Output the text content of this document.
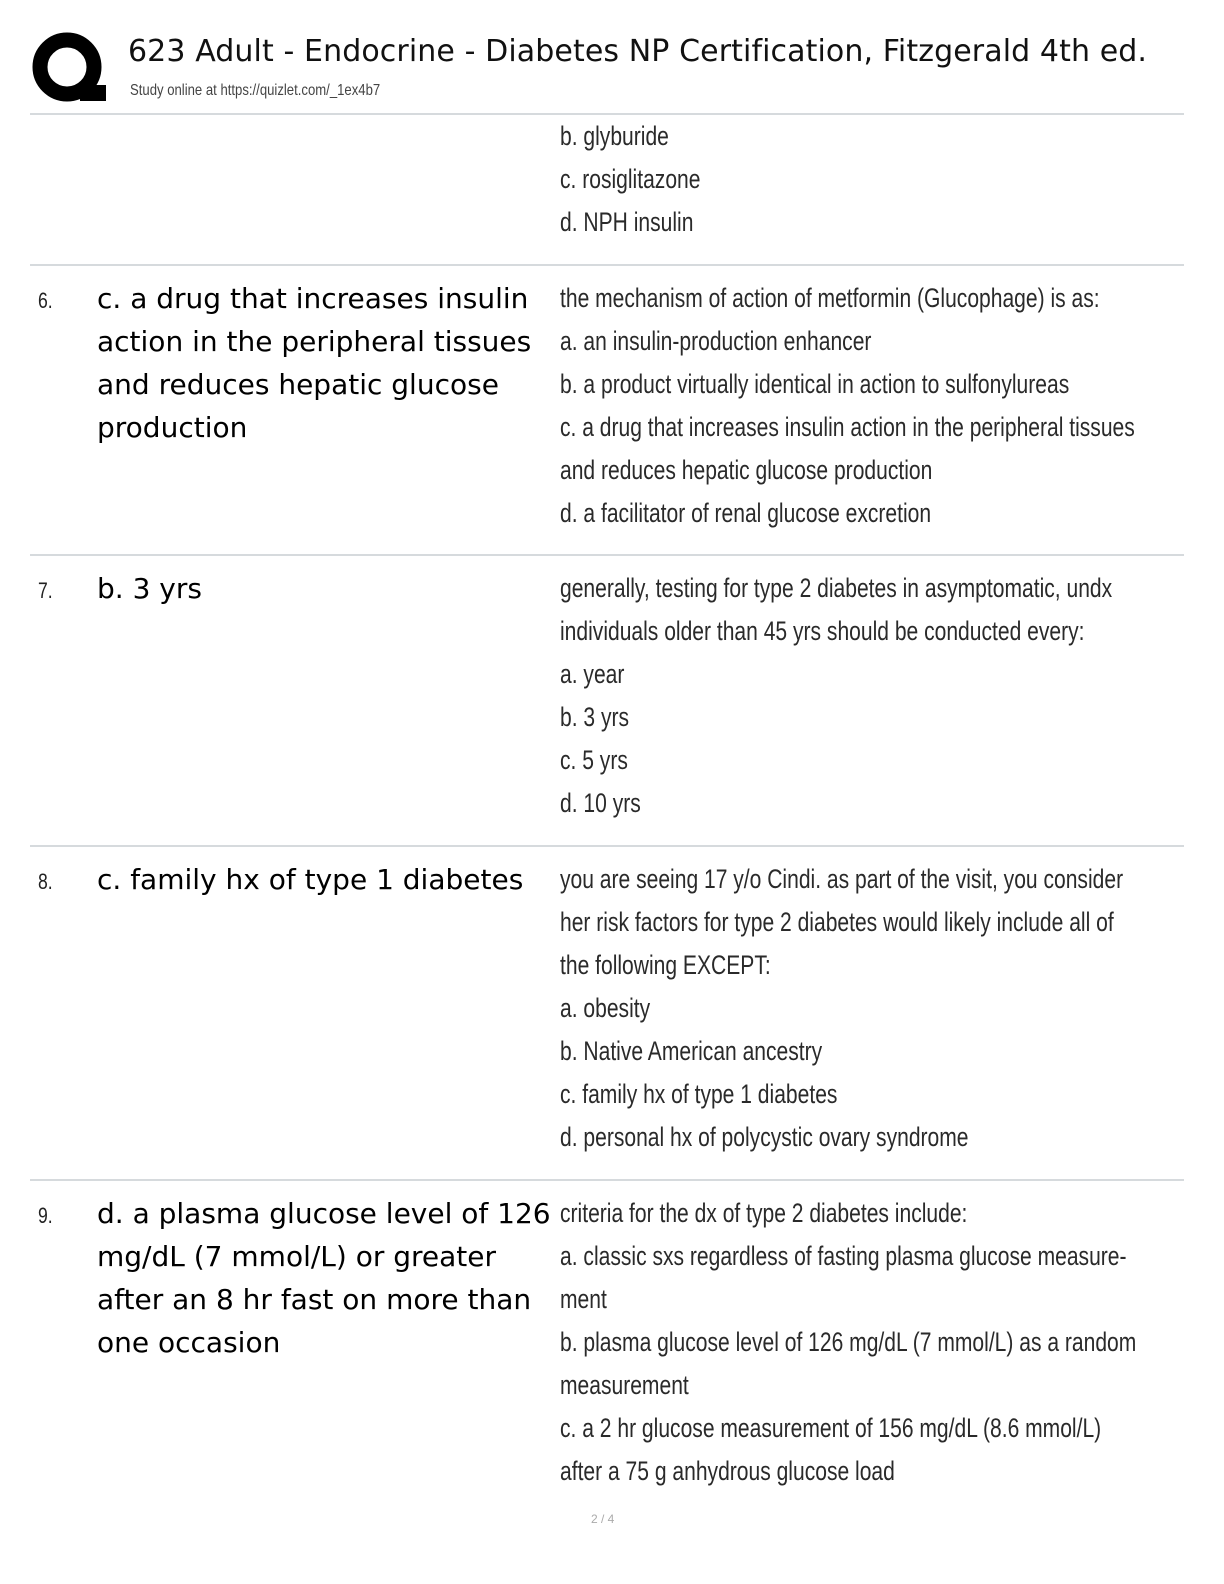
623 Adult - Endocrine - Diabetes NP Certification, Fitzgerald 4th ed.
Study online at https://quizlet.com/_1ex4b7
b. glyburide
c. rosiglitazone
d. NPH insulin
6. c. a drug that increases insulin action in the peripheral tissues and reduces hepatic glucose production
the mechanism of action of metformin (Glucophage) is as:
a. an insulin-production enhancer
b. a product virtually identical in action to sulfonylureas
c. a drug that increases insulin action in the peripheral tissues
and reduces hepatic glucose production
d. a facilitator of renal glucose excretion
7. b. 3 yrs	generally, testing for type 2 diabetes in asymptomatic, undx
individuals older than 45 yrs should be conducted every:
a. year
b. 3 yrs
c. 5 yrs
d. 10 yrs
8. c. family hx of type 1 diabetes	you are seeing 17 y/o Cindi. as part of the visit, you consider
her risk factors for type 2 diabetes would likely include all of
the following EXCEPT:
a. obesity
b. Native American ancestry
c. family hx of type 1 diabetes
d. personal hx of polycystic ovary syndrome
9. d. a plasma glucose level of 126 mg/dL (7 mmol/L) or greater after an 8 hr fast on more than one occasion
criteria for the dx of type 2 diabetes include:
a. classic sxs regardless of fasting plasma glucose measure-
ment
b. plasma glucose level of 126 mg/dL (7 mmol/L) as a random
measurement
c. a 2 hr glucose measurement of 156 mg/dL (8.6 mmol/L)
after a 75 g anhydrous glucose load
2 / 4
